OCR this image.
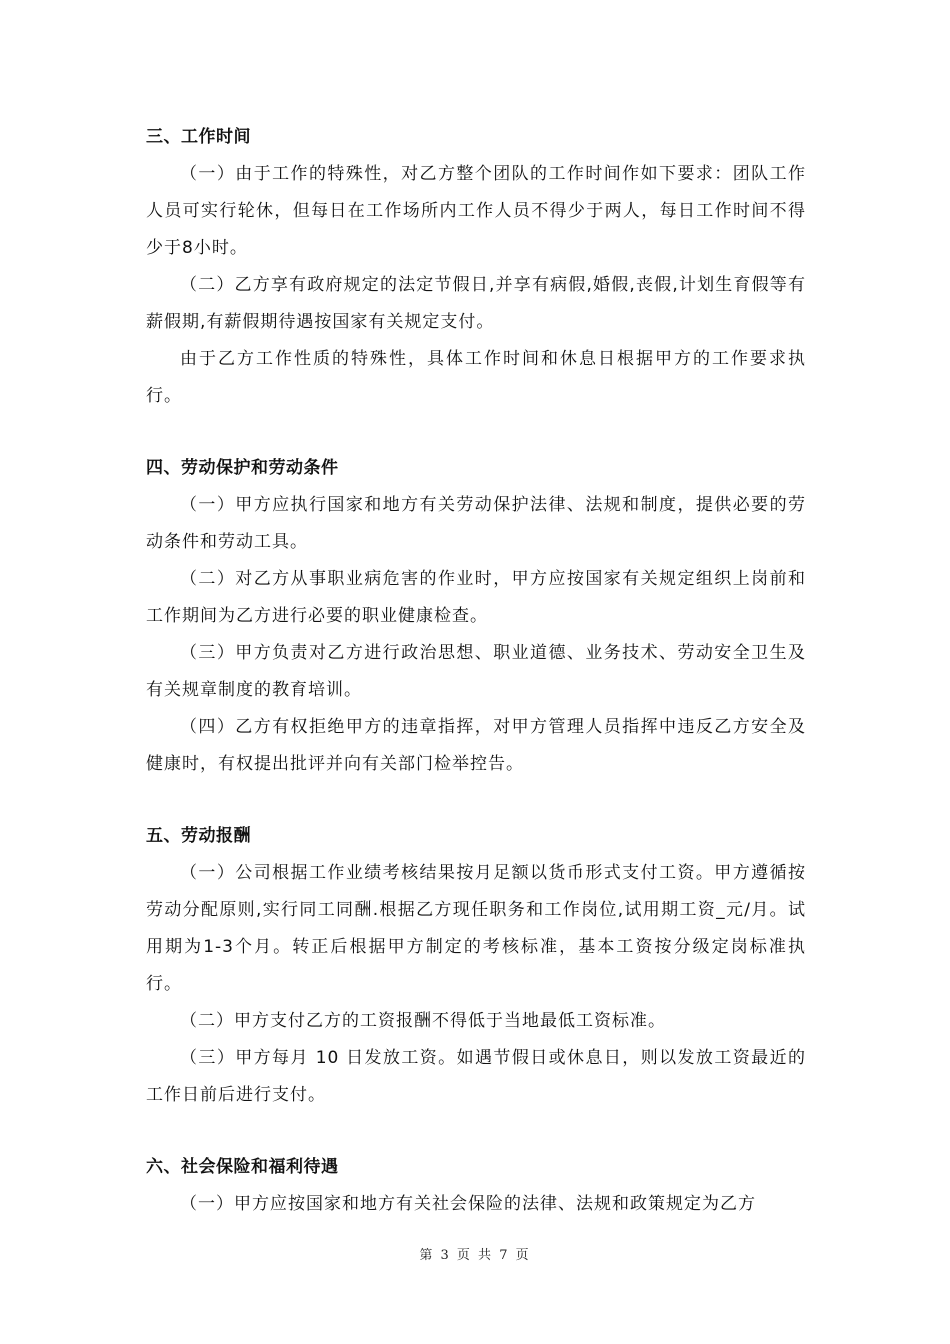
三、工作时间

（一）由于工作的特殊性，对乙方整个团队的工作时间作如下要求：团队工作人员可实行轮休，但每日在工作场所内工作人员不得少于两人，每日工作时间不得少于8小时。

（二）乙方享有政府规定的法定节假日,并享有病假,婚假,丧假,计划生育假等有薪假期,有薪假期待遇按国家有关规定支付。

由于乙方工作性质的特殊性，具体工作时间和休息日根据甲方的工作要求执行。

四、劳动保护和劳动条件

（一）甲方应执行国家和地方有关劳动保护法律、法规和制度，提供必要的劳动条件和劳动工具。

（二）对乙方从事职业病危害的作业时，甲方应按国家有关规定组织上岗前和工作期间为乙方进行必要的职业健康检查。

（三）甲方负责对乙方进行政治思想、职业道德、业务技术、劳动安全卫生及有关规章制度的教育培训。

（四）乙方有权拒绝甲方的违章指挥，对甲方管理人员指挥中违反乙方安全及健康时，有权提出批评并向有关部门检举控告。

五、劳动报酬

（一）公司根据工作业绩考核结果按月足额以货币形式支付工资。甲方遵循按劳动分配原则,实行同工同酬.根据乙方现任职务和工作岗位,试用期工资_元/月。试用期为1-3个月。转正后根据甲方制定的考核标准，基本工资按分级定岗标准执行。

（二）甲方支付乙方的工资报酬不得低于当地最低工资标准。

（三）甲方每月 10 日发放工资。如遇节假日或休息日，则以发放工资最近的工作日前后进行支付。

六、社会保险和福利待遇

（一）甲方应按国家和地方有关社会保险的法律、法规和政策规定为乙方

第 3 页 共 7 页
